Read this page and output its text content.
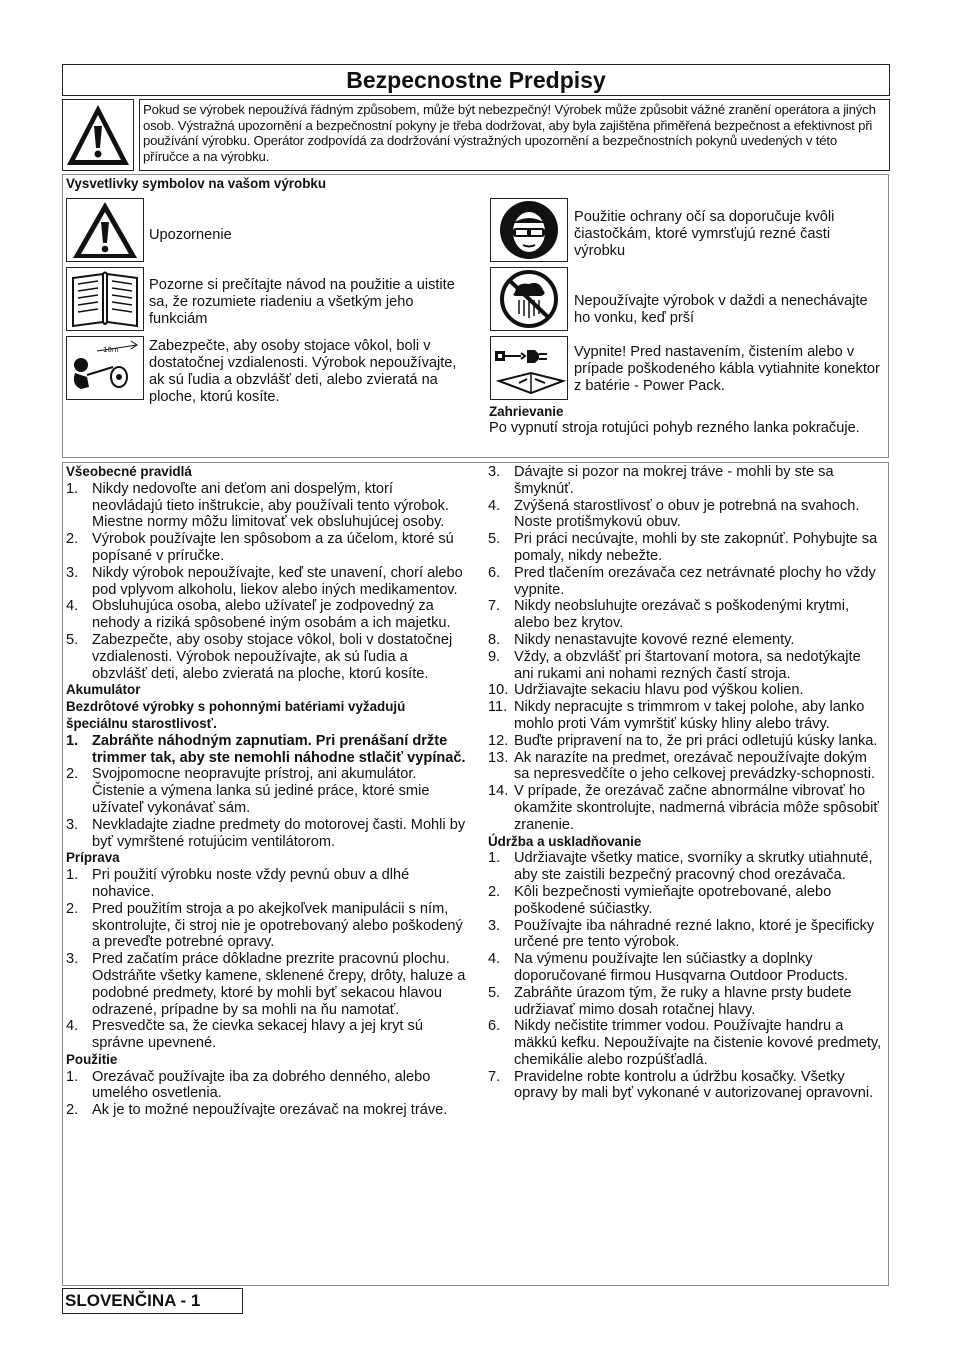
Bezpecnostne Predpisy
Pokud se výrobek nepoužívá řádným způsobem, může být nebezpečný! Výrobek může způsobit vážné zranění operátora a jiných osob. Výstražná upozornění a bezpečnostní pokyny je třeba dodržovat, aby byla zajištěna přiměřená bezpečnost a efektivnost při používání výrobku. Operátor zodpovídá za dodržování výstražných upozornění a bezpečnostních pokynů uvedených v této příručce a na výrobku.
Vysvetlivky symbolov na vašom výrobku
Upozornenie
Pozorne si prečítajte návod na použitie a uistite sa, že rozumiete riadeniu a všetkým jeho funkciám
10m Zabezpečte, aby osoby stojace vôkol, boli v dostatočnej vzdialenosti. Výrobok nepoužívajte, ak sú ľudia a obzvlášť deti, alebo zvieratá na ploche, ktorú kosíte.
Použitie ochrany očí sa doporučuje kvôli čiastočkám, ktoré vymrsťujú rezné časti výrobku
Nepoužívajte výrobok v daždi a nenechávajte ho vonku, keď prší
Vypnite! Pred nastavením, čistením alebo v prípade poškodeného kábla vytiahnite konektor z batérie - Power Pack.
Zahrievanie
Po vypnutí stroja rotujúci pohyb rezného lanka pokračuje.
Všeobecné pravidlá
1. Nikdy nedovoľte ani deťom ani dospelým, ktorí neovládajú tieto inštrukcie, aby používali tento výrobok. Miestne normy môžu limitovať vek obsluhujúcej osoby.
2. Výrobok používajte len spôsobom a za účelom, ktoré sú popísané v príručke.
3. Nikdy výrobok nepoužívajte, keď ste unavení, chorí alebo pod vplyvom alkoholu, liekov alebo iných medikamentov.
4. Obsluhujúca osoba, alebo užívateľ je zodpovedný za nehody a riziká spôsobené iným osobám a ich majetku.
5. Zabezpečte, aby osoby stojace vôkol, boli v dostatočnej vzdialenosti. Výrobok nepoužívajte, ak sú ľudia a obzvlášť deti, alebo zvieratá na ploche, ktorú kosíte.
Akumulátor
Bezdrôtové výrobky s pohonnými batériami vyžadujú špeciálnu starostlivosť.
1. Zabráňte náhodným zapnutiam. Pri prenášaní držte trimmer tak, aby ste nemohli náhodne stlačiť vypínač.
2. Svojpomocne neopravujte prístroj, ani akumulátor. Čistenie a výmena lanka sú jediné práce, ktoré smie užívateľ vykonávať sám.
3. Nevkladajte ziadne predmety do motorovej časti. Mohli by byť vymrštené rotujúcim ventilátorom.
Príprava
1. Pri použití výrobku noste vždy pevnú obuv a dlhé nohavice.
2. Pred použitím stroja a po akejkoľvek manipulácii s ním, skontrolujte, či stroj nie je opotrebovaný alebo poškodený a preveďte potrebné opravy.
3. Pred začatím práce dôkladne prezrite pracovnú plochu. Odstráňte všetky kamene, sklenené črepy, drôty, haluze a podobné predmety, ktoré by mohli byť sekacou hlavou odrazené, prípadne by sa mohli na ňu namotať.
4. Presvedčte sa, že cievka sekacej hlavy a jej kryt sú správne upevnené.
Použitie
1. Orezávač používajte iba za dobrého denného, alebo umelého osvetlenia.
2. Ak je to možné nepoužívajte orezávač na mokrej tráve.
3. Dávajte si pozor na mokrej tráve - mohli by ste sa šmyknúť.
4. Zvýšená starostlivosť o obuv je potrebná na svahoch. Noste protišmykovú obuv.
5. Pri práci necúvajte, mohli by ste zakopnúť. Pohybujte sa pomaly, nikdy nebežte.
6. Pred tlačením orezávača cez netrávnaté plochy ho vždy vypnite.
7. Nikdy neobsluhujte orezávač s poškodenými krytmi, alebo bez krytov.
8. Nikdy nenastavujte kovové rezné elementy.
9. Vždy, a obzvlášť pri štartovaní motora, sa nedotýkajte ani rukami ani nohami rezných častí stroja.
10. Udržiavajte sekaciu hlavu pod výškou kolien.
11. Nikdy nepracujte s trimmrom v takej polohe, aby lanko mohlo proti Vám vymrštiť kúsky hliny alebo trávy.
12. Buďte pripravení na to, že pri práci odletujú kúsky lanka.
13. Ak narazíte na predmet, orezávač nepoužívajte dokým sa nepresvedčíte o jeho celkovej prevádzky-schopnosti.
14. V prípade, že orezávač začne abnormálne vibrovať ho okamžite skontrolujte, nadmerná vibrácia môže spôsobiť zranenie.
Údržba a uskladňovanie
1. Udržiavajte všetky matice, svorníky a skrutky utiahnuté, aby ste zaistili bezpečný pracovný chod orezávača.
2. Kôli bezpečnosti vymieňajte opotrebované, alebo poškodené súčiastky.
3. Používajte iba náhradné rezné lakno, ktoré je špecificky určené pre tento výrobok.
4. Na výmenu používajte len súčiastky a doplnky doporučované firmou Husqvarna Outdoor Products.
5. Zabráňte úrazom tým, že ruky a hlavne prsty budete udržiavať mimo dosah rotačnej hlavy.
6. Nikdy nečistite trimmer vodou. Používajte handru a mäkkú kefku. Nepoužívajte na čistenie kovové predmety, chemikálie alebo rozpúšťadlá.
7. Pravidelne robte kontrolu a údržbu kosačky. Všetky opravy by mali byť vykonané v autorizovanej opravovni.
SLOVENČINA - 1
